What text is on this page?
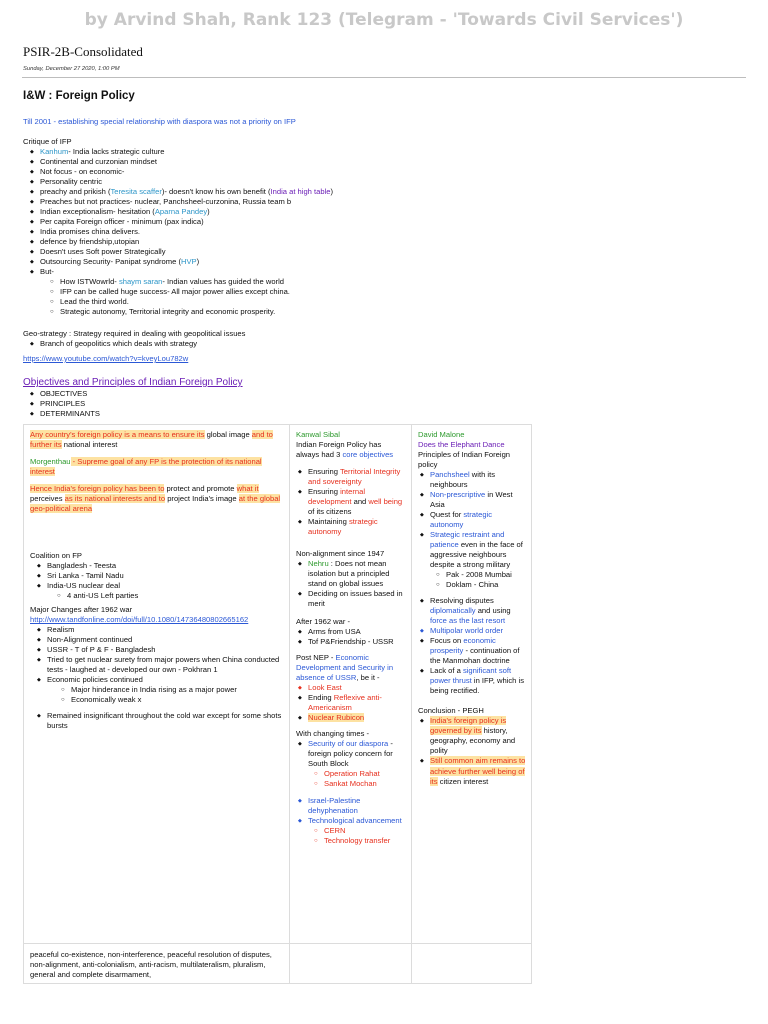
by Arvind Shah, Rank 123 (Telegram - 'Towards Civil Services')
PSIR-2B-Consolidated
Sunday, December 27 2020, 1:00 PM
I&W : Foreign Policy
Till 2001 - establishing special relationship with diaspora was not a priority on IFP
Critique of IFP
◆ Kanhum- India lacks strategic culture
◆ Continental and curzonian mindset
◆ Not focus - on economic-
◆ Personality centric
◆ preachy and prikish (Teresita scaffer)- doesn't know his own benefit (India at high table)
◆ Preaches but not practices- nuclear, Panchsheel-curzonina, Russia team b
◆ Indian exceptionalism- hesitation (Aparna Pandey)
◆ Per capita Foreign officer - minimum (pax indica)
◆ India promises china delivers.
◆ defence by friendship,utopian
◆ Doesn't uses Soft power Strategically
◆ Outsourcing Security- Panipat syndrome (HVP)
◆ But-
○ How ISTWowrld- shaym saran- Indian values has guided the world
○ IFP can be called huge success- All major power allies except china.
○ Lead the third world.
○ Strategic autonomy, Territorial integrity and economic prosperity.
Geo-strategy : Strategy required in dealing with geopolitical issues
◆ Branch of geopolitics which deals with strategy
https://www.youtube.com/watch?v=kveyLou782w
Objectives and Principles of Indian Foreign Policy
◆ OBJECTIVES
◆ PRINCIPLES
◆ DETERMINANTS
Any country's foreign policy is a means to ensure its global image and to further its national interest
Morgenthau - Supreme goal of any FP is the protection of its national interest
Hence India's foreign policy has been to protect and promote what it perceives as its national interests and to project India's image at the global geo-political arena
Coalition on FP
◆ Bangladesh - Teesta
◆ Sri Lanka - Tamil Nadu
◆ India-US nuclear deal
○ 4 anti-US Left parties
Major Changes after 1962 war
http://www.tandfonline.com/doi/full/10.1080/14736480802665162
◆ Realism
◆ Non-Alignment continued
◆ USSR - T of P & F - Bangladesh
◆ Tried to get nuclear surety from major powers when China conducted tests - laughed at - developed our own - Pokhran 1
◆ Economic policies continued
○ Major hinderance in India rising as a major power
○ Economically weak x
◆ Remained insignificant throughout the cold war except for some shots bursts
Kanwal Sibal
Indian Foreign Policy has always had 3 core objectives
◆ Ensuring Territorial Integrity and sovereignty
◆ Ensuring internal development and well being of its citizens
◆ Maintaining strategic autonomy
Non-alignment since 1947
◆ Nehru : Does not mean isolation but a principled stand on global issues
◆ Deciding on issues based in merit
After 1962 war -
◆ Arms from USA
◆ Tof P&Friendship - USSR
Post NEP - Economic Development and Security in absence of USSR, be it -
◆ Look East
◆ Ending Reflexive anti-Americanism
◆ Nuclear Rubicon
With changing times -
◆ Security of our diaspora - foreign policy concern for South Block
○ Operation Rahat
○ Sankat Mochan
◆ Israel-Palestine dehyphenation
◆ Technological advancement
○ CERN
○ Technology transfer
David Malone
Does the Elephant Dance
Principles of Indian Foreign policy
◆ Panchsheel with its neighbours
◆ Non-prescriptive in West Asia
◆ Quest for strategic autonomy
◆ Strategic restraint and patience even in the face of aggressive neighbours despite a strong military
○ Pak - 2008 Mumbai
○ Doklam - China
◆ Resolving disputes diplomatically and using force as the last resort
◆ Multipolar world order
◆ Focus on economic prosperity - continuation of the Manmohan doctrine
◆ Lack of a significant soft power thrust in IFP, which is being rectified.
Conclusion - PEGH
◆ India's foreign policy is governed by its history, geography, economy and polity
◆ Still common aim remains to achieve further well being of its citizen interest
peaceful co-existence, non-interference, peaceful resolution of disputes, non-alignment, anti-colonialism, anti-racism, multilateralism, pluralism, general and complete disarmament,
